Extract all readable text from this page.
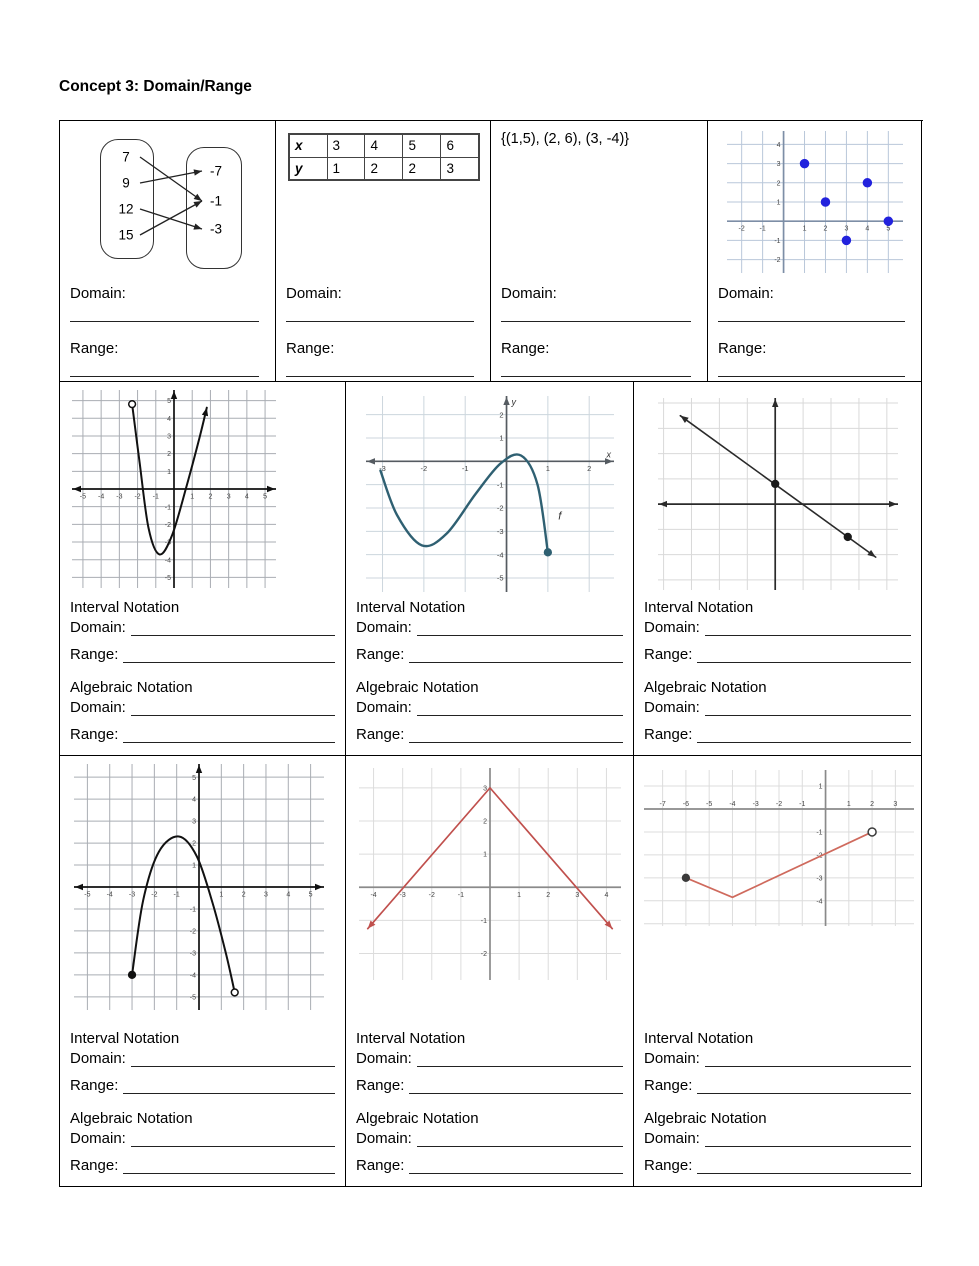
Concept 3: Domain/Range
7
9
12
15
-7
-1
-3
Domain:
Range:
x	3	4	5	6
y	1	2	2	3
Domain:
Range:
{(1,5), (2, 6), (3, -4)}
Domain:
Range:
-2 -1	1 2 3 4 5
-2
-1
1
2
3
4
Domain:
Range:
-5 -4 -3 -2 -1	1 2 3 4 5
-5
-4
-3
-2
-1
1
2
3
4
5
Interval Notation
Domain:
Range:
Algebraic Notation
Domain:
Range:
-3	-2	-1	1	2
-5
-4
-3
-2
-1
1
2
x
y
f
Interval Notation
Domain:
Range:
Algebraic Notation
Domain:
Range:
Interval Notation
Domain:
Range:
Algebraic Notation
Domain:
Range:
-5 -4 -3 -2 -1	1	2	3	4	5
-5
-4
-3
-2
-1
1
2
3
4
5
Interval Notation
Domain:
Range:
Algebraic Notation
Domain:
Range:
-4	-3	-2	-1	1	2	3	4
-2
-1
1
2
3
Interval Notation
Domain:
Range:
Algebraic Notation
Domain:
Range:
-7 -6 -5 -4 -3 -2 -1	1	2	3
1
-1
-2
-3
-4
Interval Notation
Domain:
Range:
Algebraic Notation
Domain:
Range:
